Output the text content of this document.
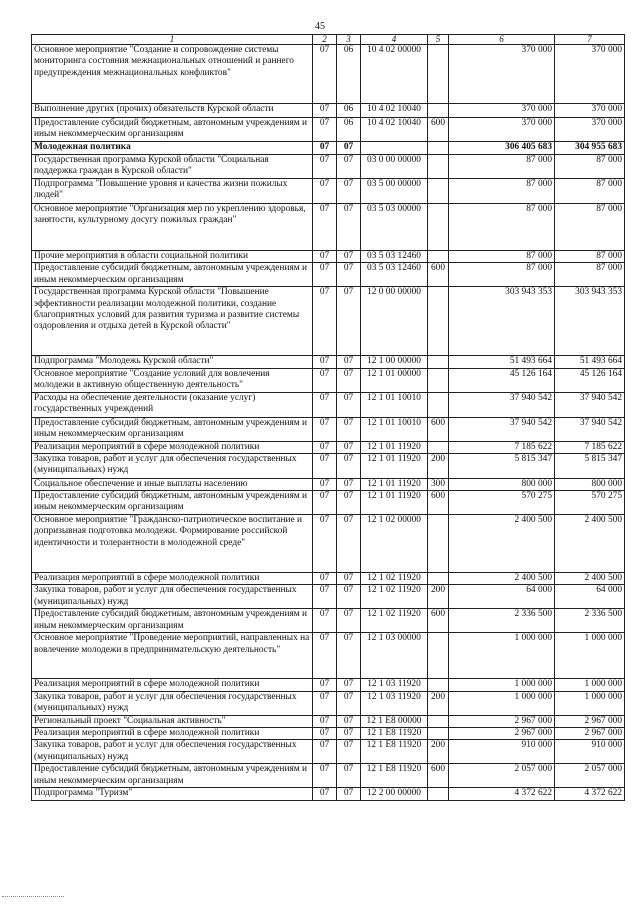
45
1	2	3	4	5	6	7
Основное мероприятие "Создание и сопровождение системы мониторинга состояния межнациональных отношений и раннего предупреждения межнациональных конфликтов"	07	06	10 4 02 00000		370 000	370 000
Выполнение других (прочих) обязательств Курской области	07	06	10 4 02 10040		370 000	370 000
Предоставление субсидий бюджетным, автономным учреждениям и иным некоммерческим организациям	07	06	10 4 02 10040	600	370 000	370 000
Молодежная политика	07	07			306 405 683	304 955 683
Государственная программа Курской области "Социальная поддержка граждан в Курской области"	07	07	03 0 00 00000		87 000	87 000
Подпрограмма "Повышение уровня и качества жизни пожилых людей"	07	07	03 5 00 00000		87 000	87 000
Основное мероприятие "Организация мер по укреплению здоровья, занятости, культурному досугу пожилых граждан"	07	07	03 5 03 00000		87 000	87 000
Прочие мероприятия в области социальной политики	07	07	03 5 03 12460		87 000	87 000
Предоставление субсидий бюджетным, автономным учреждениям и иным некоммерческим организациям	07	07	03 5 03 12460	600	87 000	87 000
Государственная программа Курской области "Повышение эффективности реализации молодежной политики, создание благоприятных условий для развития туризма и развитие системы оздоровления и отдыха детей в Курской области"	07	07	12 0 00 00000		303 943 353	303 943 353
Подпрограмма "Молодежь Курской области"	07	07	12 1 00 00000		51 493 664	51 493 664
Основное мероприятие "Создание условий для вовлечения молодежи в активную общественную деятельность"	07	07	12 1 01 00000		45 126 164	45 126 164
Расходы на обеспечение деятельности (оказание услуг) государственных учреждений	07	07	12 1 01 10010		37 940 542	37 940 542
Предоставление субсидий бюджетным, автономным учреждениям и иным некоммерческим организациям	07	07	12 1 01 10010	600	37 940 542	37 940 542
Реализация мероприятий в сфере молодежной политики	07	07	12 1 01 11920		7 185 622	7 185 622
Закупка товаров, работ и услуг для обеспечения государственных (муниципальных) нужд	07	07	12 1 01 11920	200	5 815 347	5 815 347
Социальное обеспечение и иные выплаты населению	07	07	12 1 01 11920	300	800 000	800 000
Предоставление субсидий бюджетным, автономным учреждениям и иным некоммерческим организациям	07	07	12 1 01 11920	600	570 275	570 275
Основное мероприятие "Гражданско-патриотическое воспитание и допризывная подготовка молодежи. Формирование российской идентичности и толерантности в молодежной среде"	07	07	12 1 02 00000		2 400 500	2 400 500
Реализация мероприятий в сфере молодежной политики	07	07	12 1 02 11920		2 400 500	2 400 500
Закупка товаров, работ и услуг для обеспечения государственных (муниципальных) нужд	07	07	12 1 02 11920	200	64 000	64 000
Предоставление субсидий бюджетным, автономным учреждениям и иным некоммерческим организациям	07	07	12 1 02 11920	600	2 336 500	2 336 500
Основное мероприятие "Проведение мероприятий, направленных на вовлечение молодежи в предпринимательскую деятельность"	07	07	12 1 03 00000		1 000 000	1 000 000
Реализация мероприятий в сфере молодежной политики	07	07	12 1 03 11920		1 000 000	1 000 000
Закупка товаров, работ и услуг для обеспечения государственных (муниципальных) нужд	07	07	12 1 03 11920	200	1 000 000	1 000 000
Региональный проект "Социальная активность"	07	07	12 1 E8 00000		2 967 000	2 967 000
Реализация мероприятий в сфере молодежной политики	07	07	12 1 E8 11920		2 967 000	2 967 000
Закупка товаров, работ и услуг для обеспечения государственных (муниципальных) нужд	07	07	12 1 E8 11920	200	910 000	910 000
Предоставление субсидий бюджетным, автономным учреждениям и иным некоммерческим организациям	07	07	12 1 E8 11920	600	2 057 000	2 057 000
Подпрограмма "Туризм"	07	07	12 2 00 00000		4 372 622	4 372 622
